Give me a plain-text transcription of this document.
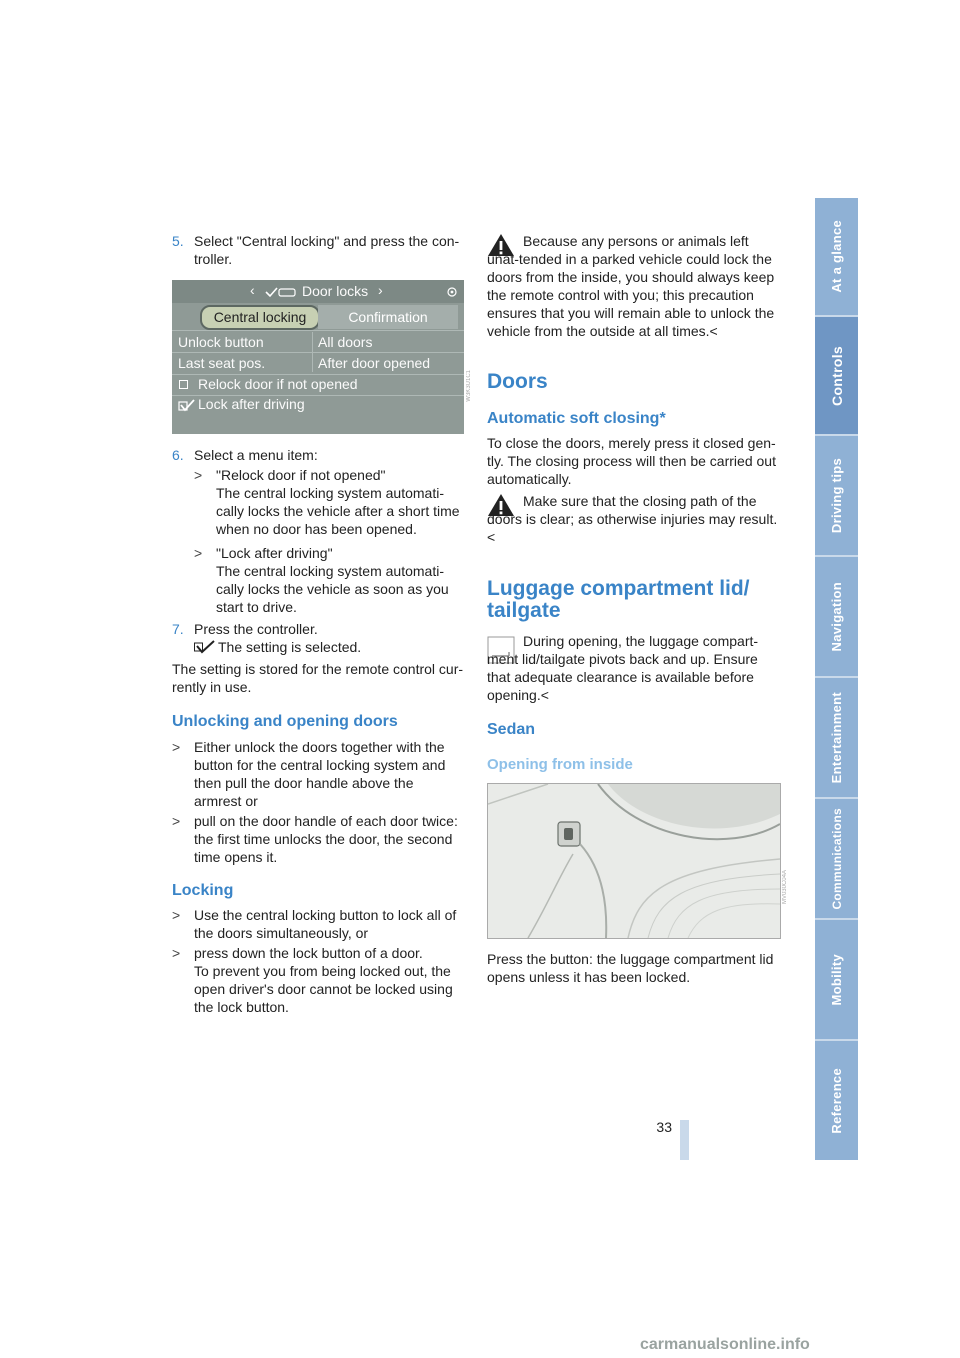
At a glance
Controls
Driving tips
Navigation
Entertainment
Communications
Mobility
Reference
5. Select "Central locking" and press the con-troller.
‹	Door locks ›
Central locking	Confirmation
Unlock button	All doors
Last seat pos.	After door opened
Relock door if not opened
Lock after driving
W3K3U1C1
6. Select a menu item:
> "Relock door if not opened"
The central locking system automati-cally locks the vehicle after a short time when no door has been opened.
> "Lock after driving"
The central locking system automati-cally locks the vehicle as soon as you start to drive.
7. Press the controller.
The setting is selected.
The setting is stored for the remote control cur-rently in use.
Unlocking and opening doors
> Either unlock the doors together with the button for the central locking system and then pull the door handle above the armrest or
> pull on the door handle of each door twice: the first time unlocks the door, the second time opens it.
Locking
> Use the central locking button to lock all of the doors simultaneously, or
> press down the lock button of a door.
To prevent you from being locked out, the open driver's door cannot be locked using the lock button.
Because any persons or animals left unat-tended in a parked vehicle could lock the doors from the inside, you should always keep the remote control with you; this precaution ensures that you will remain able to unlock the vehicle from the outside at all times.<
Doors
Automatic soft closing*
To close the doors, merely press it closed gen-tly. The closing process will then be carried out automatically.
Make sure that the closing path of the doors is clear; as otherwise injuries may result.<
Luggage compartment lid/
tailgate
During opening, the luggage compart-ment lid/tailgate pivots back and up. Ensure that adequate clearance is available before opening.<
Sedan
Opening from inside
MV030C04A
Press the button: the luggage compartment lid opens unless it has been locked.
33
carmanualsonline.info
